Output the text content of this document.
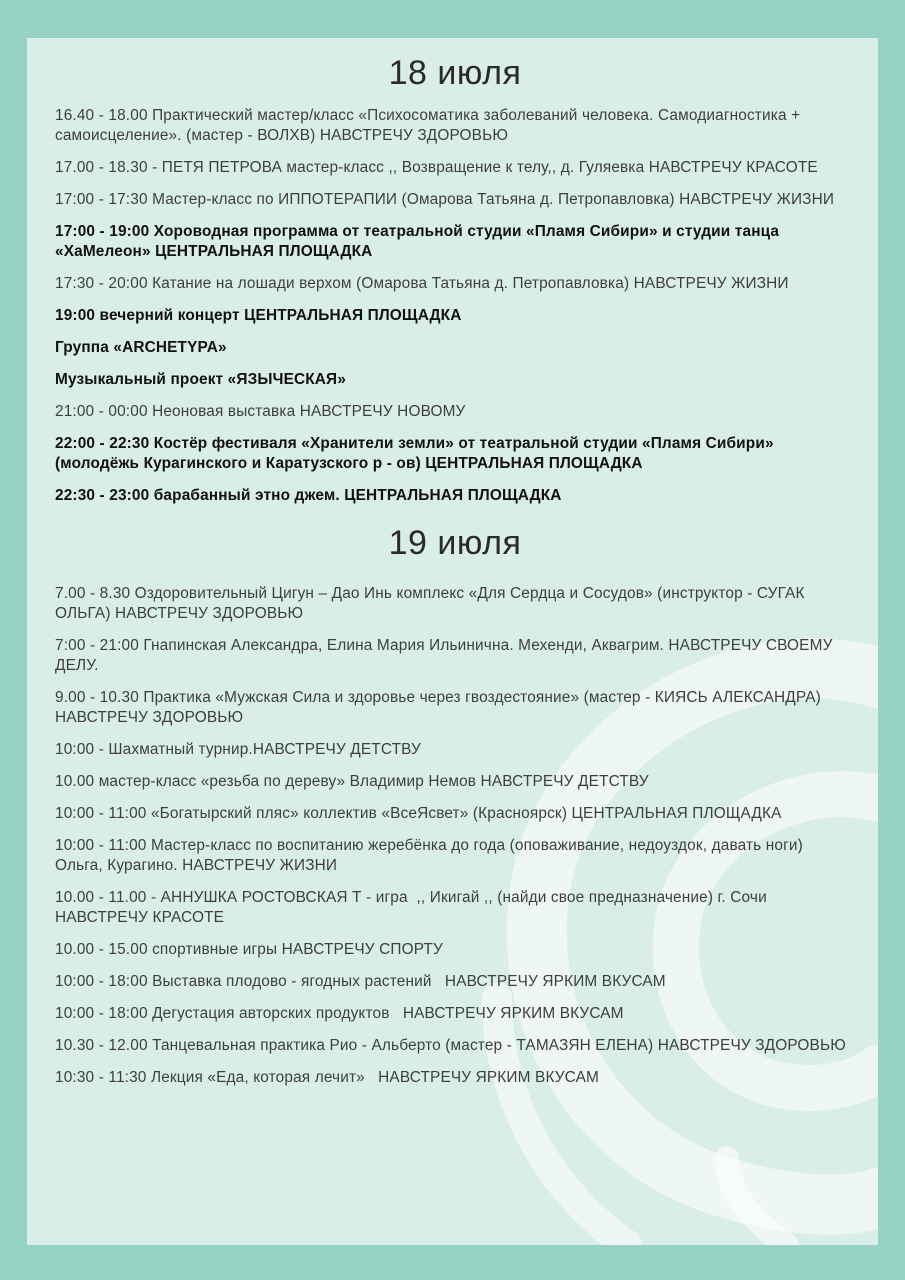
18 июля

16.40 - 18.00 Практический мастер/класс «Психосоматика заболеваний человека. Самодиагностика + самоисцеление». (мастер - ВОЛХВ) НАВСТРЕЧУ ЗДОРОВЬЮ

17.00 - 18.30 - ПЕТЯ ПЕТРОВА мастер-класс ,, Возвращение к телу,, д. Гуляевка НАВСТРЕЧУ КРАСОТЕ

17:00 - 17:30 Мастер-класс по ИППОТЕРАПИИ (Омарова Татьяна д. Петропавловка) НАВСТРЕЧУ ЖИЗНИ

17:00 - 19:00 Хороводная программа от театральной студии «Пламя Сибири» и студии танца «ХаМелеон» ЦЕНТРАЛЬНАЯ ПЛОЩАДКА

17:30 - 20:00 Катание на лошади верхом (Омарова Татьяна д. Петропавловка) НАВСТРЕЧУ ЖИЗНИ

19:00 вечерний концерт ЦЕНТРАЛЬНАЯ ПЛОЩАДКА

Группа «ARCHETYPA»

Музыкальный проект «ЯЗЫЧЕСКАЯ»

21:00 - 00:00 Неоновая выставка НАВСТРЕЧУ НОВОМУ

22:00 - 22:30 Костёр фестиваля «Хранители земли» от театральной студии «Пламя Сибири» (молодёжь Курагинского и Каратузского р - ов) ЦЕНТРАЛЬНАЯ ПЛОЩАДКА

22:30 - 23:00 барабанный этно джем. ЦЕНТРАЛЬНАЯ ПЛОЩАДКА

19 июля

7.00 - 8.30 Оздоровительный Цигун – Дао Инь комплекс «Для Сердца и Сосудов» (инструктор - СУГАК ОЛЬГА) НАВСТРЕЧУ ЗДОРОВЬЮ

7:00 - 21:00 Гнапинская Александра, Елина Мария Ильинична. Мехенди, Аквагрим. НАВСТРЕЧУ СВОЕМУ ДЕЛУ.

9.00 - 10.30 Практика «Мужская Сила и здоровье через гвоздестояние» (мастер - КИЯСЬ АЛЕКСАНДРА) НАВСТРЕЧУ ЗДОРОВЬЮ

10:00 - Шахматный турнир.НАВСТРЕЧУ ДЕТСТВУ

10.00 мастер-класс «резьба по дереву» Владимир Немов НАВСТРЕЧУ ДЕТСТВУ

10:00 - 11:00 «Богатырский пляс» коллектив «ВсеЯсвет» (Красноярск) ЦЕНТРАЛЬНАЯ ПЛОЩАДКА

10:00 - 11:00 Мастер-класс по воспитанию жеребёнка до года (оповаживание, недоуздок, давать ноги) Ольга, Курагино. НАВСТРЕЧУ ЖИЗНИ

10.00 - 11.00 - АННУШКА РОСТОВСКАЯ Т - игра  ,, Икигай ,, (найди свое предназначение) г. Сочи НАВСТРЕЧУ КРАСОТЕ

10.00 - 15.00 спортивные игры НАВСТРЕЧУ СПОРТУ

10:00 - 18:00 Выставка плодово - ягодных растений   НАВСТРЕЧУ ЯРКИМ ВКУСАМ

10:00 - 18:00 Дегустация авторских продуктов   НАВСТРЕЧУ ЯРКИМ ВКУСАМ

10.30 - 12.00 Танцевальная практика Рио - Альберто (мастер - ТАМАЗЯН ЕЛЕНА) НАВСТРЕЧУ ЗДОРОВЬЮ

10:30 - 11:30 Лекция «Еда, которая лечит»   НАВСТРЕЧУ ЯРКИМ ВКУСАМ
